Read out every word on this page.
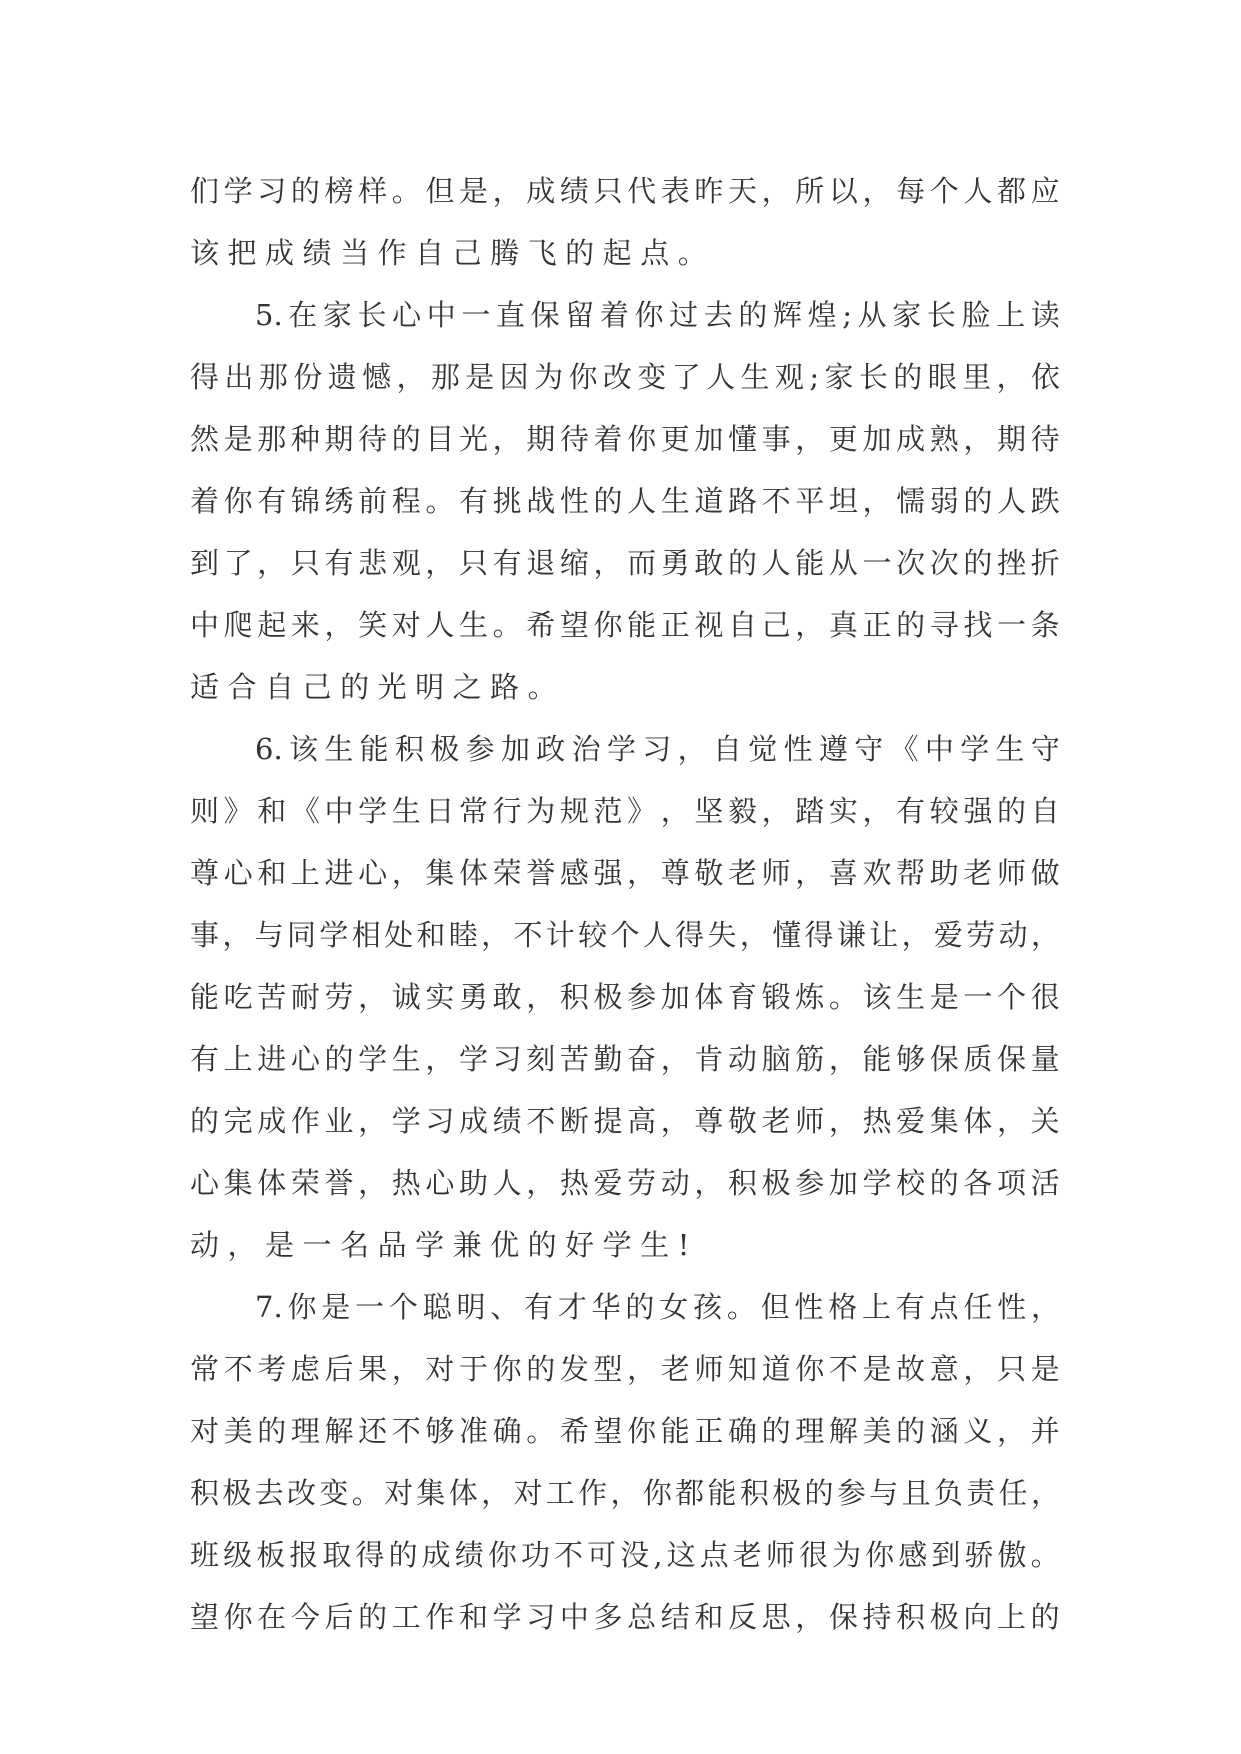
们 学 习 的 榜 样 。 但 是 ， 成 绩 只 代 表 昨 天 ， 所 以 ， 每 个 人 都 应
该 把 成 绩 当 作 自 己 腾 飞 的 起 点 。
5. 在 家 长 心 中 一 直 保 留 着 你 过 去 的 辉 煌 ; 从 家 长 脸 上 读
得 出 那 份 遗 憾 ， 那 是 因 为 你 改 变 了 人 生 观 ; 家 长 的 眼 里 ， 依
然 是 那 种 期 待 的 目 光 ， 期 待 着 你 更 加 懂 事 ， 更 加 成 熟 ， 期 待
着 你 有 锦 绣 前 程 。 有 挑 战 性 的 人 生 道 路 不 平 坦 ， 懦 弱 的 人 跌
到 了 ， 只 有 悲 观 ， 只 有 退 缩 ， 而 勇 敢 的 人 能 从 一 次 次 的 挫 折
中 爬 起 来 ， 笑 对 人 生 。 希 望 你 能 正 视 自 己 ， 真 正 的 寻 找 一 条
适 合 自 己 的 光 明 之 路 。
6. 该 生 能 积 极 参 加 政 治 学 习 ， 自 觉 性 遵 守 《 中 学 生 守
则 》 和 《 中 学 生 日 常 行 为 规 范 》 ， 坚 毅 ， 踏 实 ， 有 较 强 的 自
尊 心 和 上 进 心 ， 集 体 荣 誉 感 强 ， 尊 敬 老 师 ， 喜 欢 帮 助 老 师 做
事 ， 与 同 学 相 处 和 睦 ， 不 计 较 个 人 得 失 ， 懂 得 谦 让 ， 爱 劳 动 ，
能 吃 苦 耐 劳 ， 诚 实 勇 敢 ， 积 极 参 加 体 育 锻 炼 。 该 生 是 一 个 很
有 上 进 心 的 学 生 ， 学 习 刻 苦 勤 奋 ， 肯 动 脑 筋 ， 能 够 保 质 保 量
的 完 成 作 业 ， 学 习 成 绩 不 断 提 高 ， 尊 敬 老 师 ， 热 爱 集 体 ， 关
心 集 体 荣 誉 ， 热 心 助 人 ， 热 爱 劳 动 ， 积 极 参 加 学 校 的 各 项 活
动 ， 是 一 名 品 学 兼 优 的 好 学 生 !
7. 你 是 一 个 聪 明 、 有 才 华 的 女 孩 。 但 性 格 上 有 点 任 性 ，
常 不 考 虑 后 果 ， 对 于 你 的 发 型 ， 老 师 知 道 你 不 是 故 意 ， 只 是
对 美 的 理 解 还 不 够 准 确 。 希 望 你 能 正 确 的 理 解 美 的 涵 义 ， 并
积 极 去 改 变 。 对 集 体 ， 对 工 作 ， 你 都 能 积 极 的 参 与 且 负 责 任 ，
班 级 板 报 取 得 的 成 绩 你 功 不 可 没 , 这 点 老 师 很 为 你 感 到 骄 傲 。
望 你 在 今 后 的 工 作 和 学 习 中 多 总 结 和 反 思 ， 保 持 积 极 向 上 的
